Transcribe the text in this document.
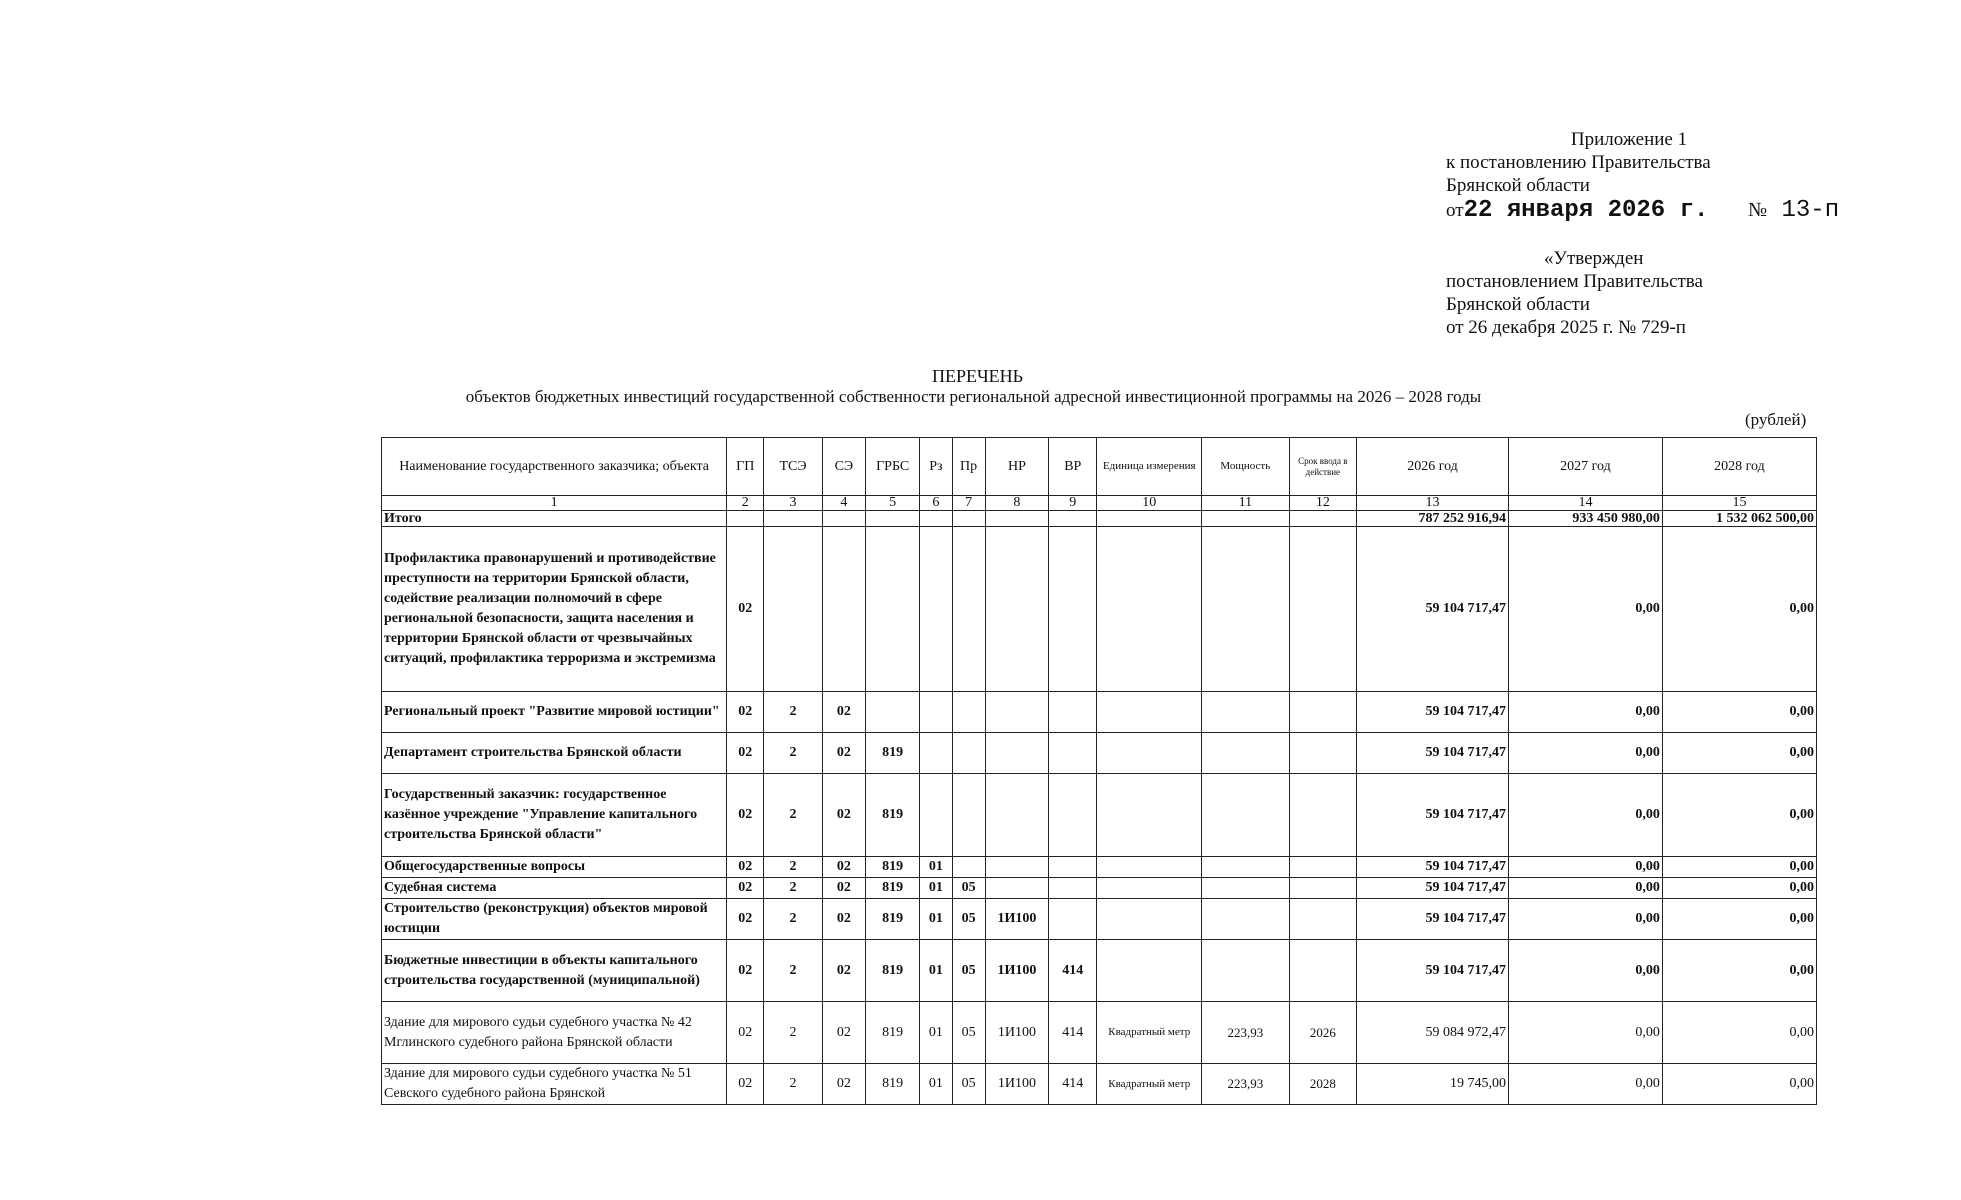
Приложение 1
к постановлению Правительства
Брянской области
от22 января 2026 г. № 13-п
«Утвержден
постановлением Правительства
Брянской области
от 26 декабря 2025 г. № 729-п
ПЕРЕЧЕНЬ
объектов бюджетных инвестиций государственной собственности региональной адресной инвестиционной программы на 2026 – 2028 годы
(рублей)
Наименование государственного заказчика; объекта	ГП	ТСЭ	СЭ	ГРБС	Рз	Пр	НР	ВР	Единица измерения	Мощность	Срок ввода в действие	2026 год	2027 год	2028 год
1	2	3	4	5	6	7	8	9	10	11	12	13	14	15
Итого												787 252 916,94	933 450 980,00	1 532 062 500,00
Профилактика правонарушений и противодействие преступности на территории Брянской области, содействие реализации полномочий в сфере региональной безопасности, защита населения и территории Брянской области от чрезвычайных ситуаций, профилактика терроризма и экстремизма	02											59 104 717,47	0,00	0,00
Региональный проект "Развитие мировой юстиции"	02	2	02									59 104 717,47	0,00	0,00
Департамент строительства Брянской области	02	2	02	819								59 104 717,47	0,00	0,00
Государственный заказчик: государственное казённое учреждение "Управление капитального строительства Брянской области"	02	2	02	819								59 104 717,47	0,00	0,00
Общегосударственные вопросы	02	2	02	819	01							59 104 717,47	0,00	0,00
Судебная система	02	2	02	819	01	05						59 104 717,47	0,00	0,00
Строительство (реконструкция) объектов мировой юстиции	02	2	02	819	01	05	1И100					59 104 717,47	0,00	0,00
Бюджетные инвестиции в объекты капитального строительства государственной (муниципальной)	02	2	02	819	01	05	1И100	414				59 104 717,47	0,00	0,00
Здание для мирового судьи судебного участка № 42 Мглинского судебного района Брянской области	02	2	02	819	01	05	1И100	414	Квадратный метр	223,93	2026	59 084 972,47	0,00	0,00
Здание для мирового судьи судебного участка № 51 Севского судебного района Брянской	02	2	02	819	01	05	1И100	414	Квадратный метр	223,93	2028	19 745,00	0,00	0,00
